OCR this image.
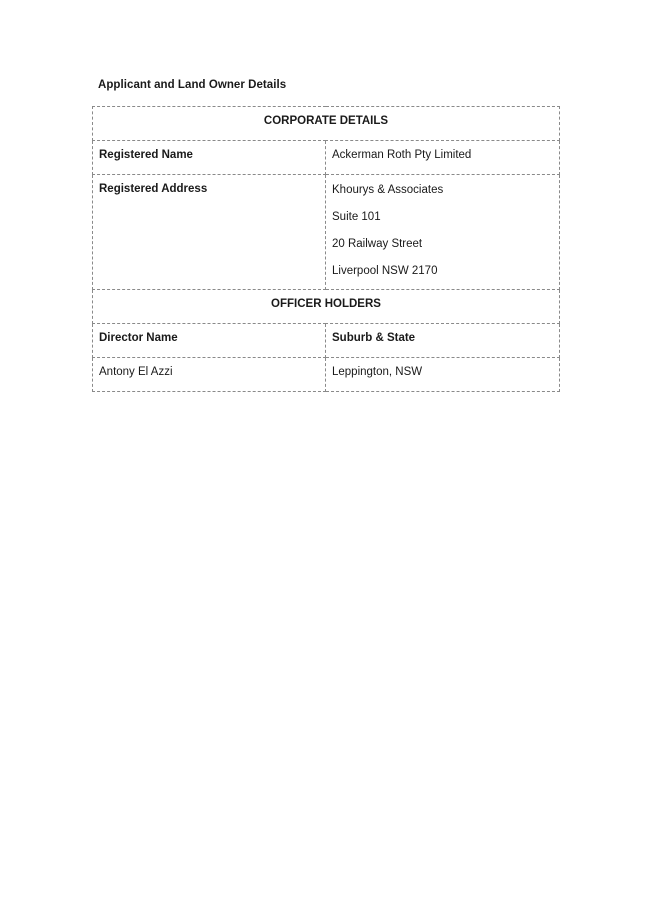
Applicant and Land Owner Details
CORPORATE DETAILS	
Registered Name	Ackerman Roth Pty Limited
Registered Address	Khourys & Associates
Suite 101
20 Railway Street
Liverpool NSW 2170

OFFICER HOLDERS	
Director Name	Suburb & State
Antony El Azzi	Leppington, NSW
